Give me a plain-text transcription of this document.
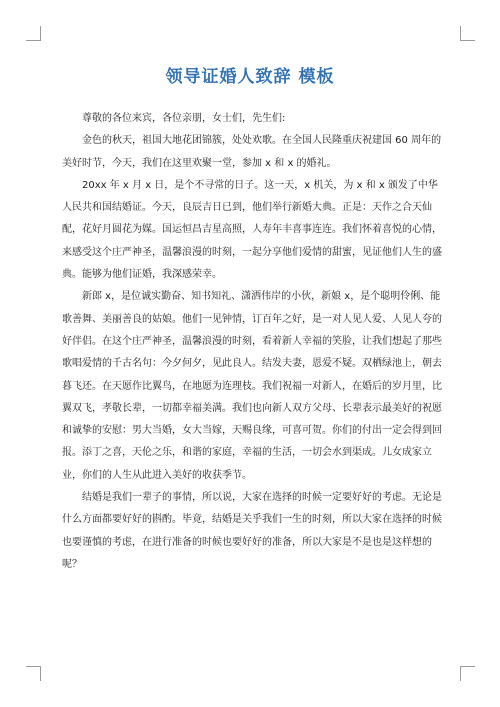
领导证婚人致辞 模板

尊敬的各位来宾，各位亲朋，女士们，先生们:

金色的秋天，祖国大地花团锦簇，处处欢歌。在全国人民隆重庆祝建国 60 周年的美好时节，今天，我们在这里欢聚一堂，参加 x 和 x 的婚礼。

20xx 年 x 月 x 日，是个不寻常的日子。这一天，x 机关，为 x 和 x 颁发了中华人民共和国结婚证。今天，良辰吉日已到，他们举行新婚大典。正是：天作之合天仙配，花好月圆花为媒。国运恒昌吉星高照，人寿年丰喜事连连。我们怀着喜悦的心情，来感受这个庄严神圣，温馨浪漫的时刻，一起分享他们爱情的甜蜜，见证他们人生的盛典。能够为他们证婚，我深感荣幸。

新郎 x，是位诚实勤奋、知书知礼、潇洒伟岸的小伙，新娘 x，是个聪明伶俐、能歌善舞、美丽善良的姑娘。他们一见钟情，订百年之好，是一对人见人爱、人见人夸的好伴侣。在这个庄严神圣，温馨浪漫的时刻，看着新人幸福的笑脸，让我们想起了那些歌唱爱情的千古名句：今夕何夕，见此良人。结发夫妻，恩爱不疑。双栖绿池上，朝去暮飞还。在天愿作比翼鸟，在地愿为连理枝。我们祝福一对新人，在婚后的岁月里，比翼双飞，孝敬长辈，一切都幸福美满。我们也向新人双方父母、长辈表示最美好的祝愿和诚挚的安慰：男大当婚，女大当嫁，天赐良缘，可喜可贺。你们的付出一定会得到回报。添丁之喜，天伦之乐，和谐的家庭，幸福的生活，一切会水到渠成。儿女成家立业，你们的人生从此进入美好的收获季节。

结婚是我们一辈子的事情，所以说，大家在选择的时候一定要好好的考虑。无论是什么方面都要好好的斟酌。毕竟，结婚是关乎我们一生的时刻，所以大家在选择的时候也要谨慎的考虑，在进行准备的时候也要好好的准备，所以大家是不是也是这样想的呢？
